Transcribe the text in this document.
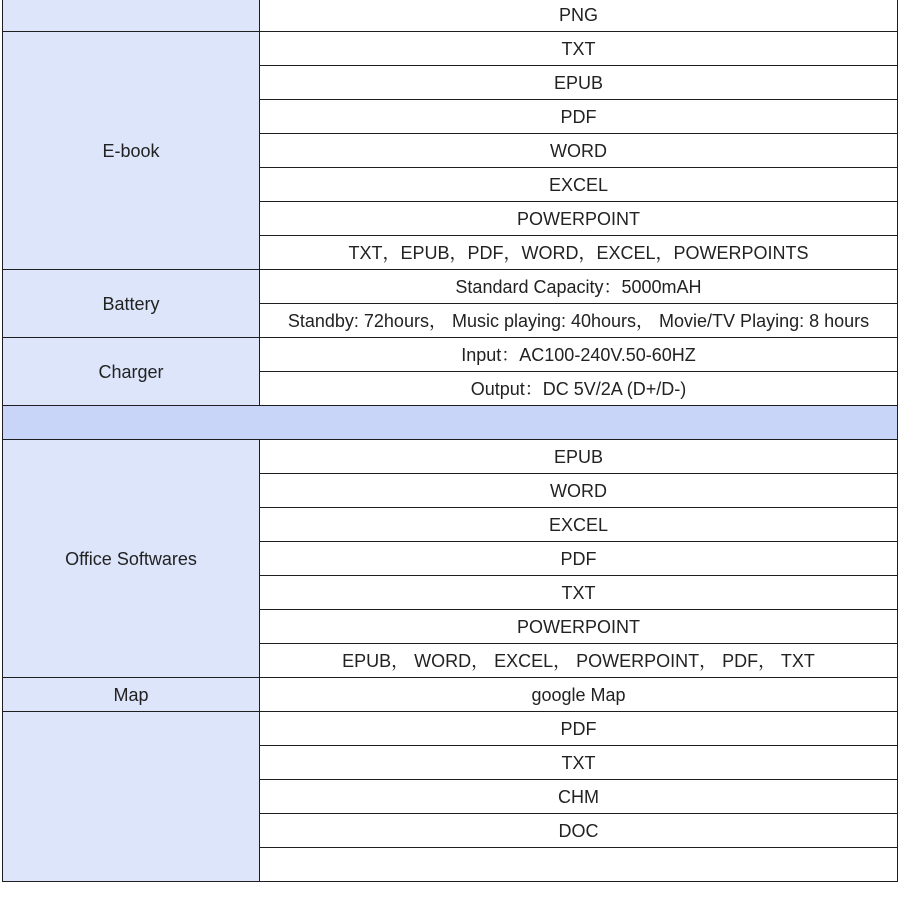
	PNG
E-book	TXT
	EPUB
	PDF
	WORD
	EXCEL
	POWERPOINT
	TXT，EPUB，PDF，WORD，EXCEL，POWERPOINTS
Battery	Standard Capacity：5000mAH
	Standby: 72hours， Music playing: 40hours， Movie/TV Playing: 8 hours
Charger	Input：AC100-240V.50-60HZ
	Output：DC 5V/2A (D+/D-)

Office Softwares	EPUB
	WORD
	EXCEL
	PDF
	TXT
	POWERPOINT
	EPUB， WORD， EXCEL， POWERPOINT， PDF， TXT
Map	google Map
	PDF
	TXT
	CHM
	DOC
